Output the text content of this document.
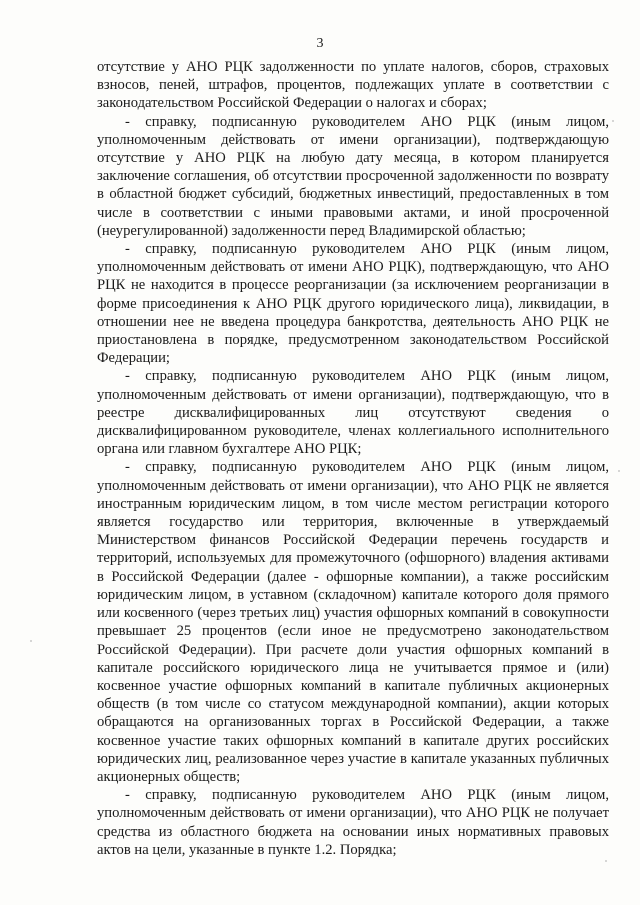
3

отсутствие у АНО РЦК задолженности по уплате налогов, сборов, страховых взносов, пеней, штрафов, процентов, подлежащих уплате в соответствии с законодательством Российской Федерации о налогах и сборах;

- справку, подписанную руководителем АНО РЦК (иным лицом, уполномоченным действовать от имени организации), подтверждающую отсутствие у АНО РЦК на любую дату месяца, в котором планируется заключение соглашения, об отсутствии просроченной задолженности по возврату в областной бюджет субсидий, бюджетных инвестиций, предоставленных в том числе в соответствии с иными правовыми актами, и иной просроченной (неурегулированной) задолженности перед Владимирской областью;

- справку, подписанную руководителем АНО РЦК (иным лицом, уполномоченным действовать от имени АНО РЦК), подтверждающую, что АНО РЦК не находится в процессе реорганизации (за исключением реорганизации в форме присоединения к АНО РЦК другого юридического лица), ликвидации, в отношении нее не введена процедура банкротства, деятельность АНО РЦК не приостановлена в порядке, предусмотренном законодательством Российской Федерации;

- справку, подписанную руководителем АНО РЦК (иным лицом, уполномоченным действовать от имени организации), подтверждающую, что в реестре дисквалифицированных лиц отсутствуют сведения о дисквалифицированном руководителе, членах коллегиального исполнительного органа или главном бухгалтере АНО РЦК;

- справку, подписанную руководителем АНО РЦК (иным лицом, уполномоченным действовать от имени организации), что АНО РЦК не является иностранным юридическим лицом, в том числе местом регистрации которого является государство или территория, включенные в утверждаемый Министерством финансов Российской Федерации перечень государств и территорий, используемых для промежуточного (офшорного) владения активами в Российской Федерации (далее - офшорные компании), а также российским юридическим лицом, в уставном (складочном) капитале которого доля прямого или косвенного (через третьих лиц) участия офшорных компаний в совокупности превышает 25 процентов (если иное не предусмотрено законодательством Российской Федерации). При расчете доли участия офшорных компаний в капитале российского юридического лица не учитывается прямое и (или) косвенное участие офшорных компаний в капитале публичных акционерных обществ (в том числе со статусом международной компании), акции которых обращаются на организованных торгах в Российской Федерации, а также косвенное участие таких офшорных компаний в капитале других российских юридических лиц, реализованное через участие в капитале указанных публичных акционерных обществ;

- справку, подписанную руководителем АНО РЦК (иным лицом, уполномоченным действовать от имени организации), что АНО РЦК не получает средства из областного бюджета на основании иных нормативных правовых актов на цели, указанные в пункте 1.2. Порядка;
